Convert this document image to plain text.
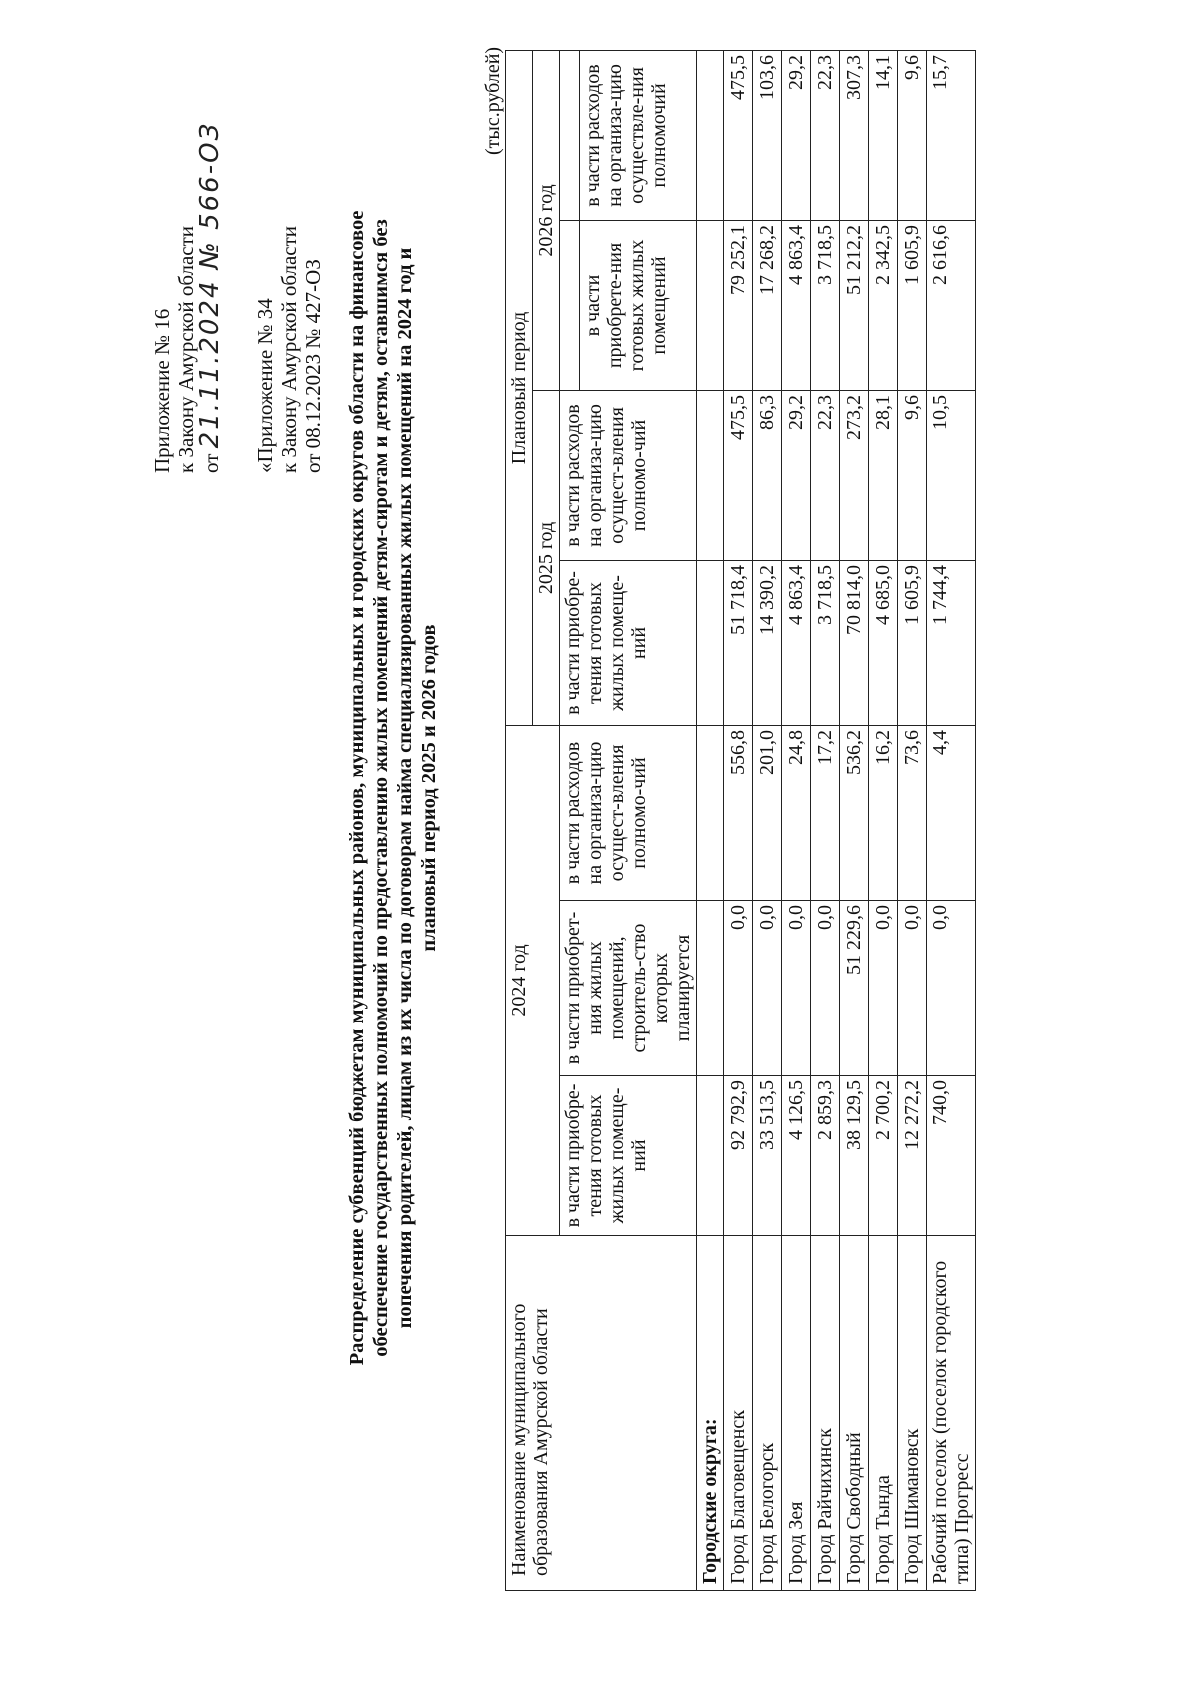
Приложение № 16 к Закону Амурской области от 21.11.2024 № 566-ОЗ «Приложение № 34 к Закону Амурской области от 08.12.2023 № 427-ОЗ Распределение субвенций бюджетам муниципальных районов, муниципальных и городских округов области на финансовое обеспечение государственных полномочий по предоставлению жилых помещений детям-сиротам и детям, оставшимся без попечения родителей, лицам из их числа по договорам найма специализированных жилых помещений на 2024 год и плановый период 2025 и 2026 годов
(тыс.рублей)
Наименование муниципального образования Амурской области	2024 год			Плановый период			
				2025 год		2026 год	
	в части приобре-тения готовых жилых помеще-ний	в части приобрет-ния жилых помещений, строитель-ство которых планируется	в части расходов на организа-цию осущест-вления полномо-чий	в части приобре-тения готовых жилых помеще-ний	в части расходов на организа-цию осущест-вления полномо-чий		
						в части приобрете-ния готовых жилых помещений	в части расходов на организа-цию осуществле-ния полномочий
Городские округа:							
Город Благовещенск	92 792,9	0,0	556,8	51 718,4	475,5	79 252,1	475,5
Город Белогорск	33 513,5	0,0	201,0	14 390,2	86,3	17 268,2	103,6
Город Зея	4 126,5	0,0	24,8	4 863,4	29,2	4 863,4	29,2
Город Райчихинск	2 859,3	0,0	17,2	3 718,5	22,3	3 718,5	22,3
Город Свободный	38 129,5	51 229,6	536,2	70 814,0	273,2	51 212,2	307,3
Город Тында	2 700,2	0,0	16,2	4 685,0	28,1	2 342,5	14,1
Город Шимановск	12 272,2	0,0	73,6	1 605,9	9,6	1 605,9	9,6
Рабочий поселок (поселок городского типа) Прогресс	740,0	0,0	4,4	1 744,4	10,5	2 616,6	15,7
